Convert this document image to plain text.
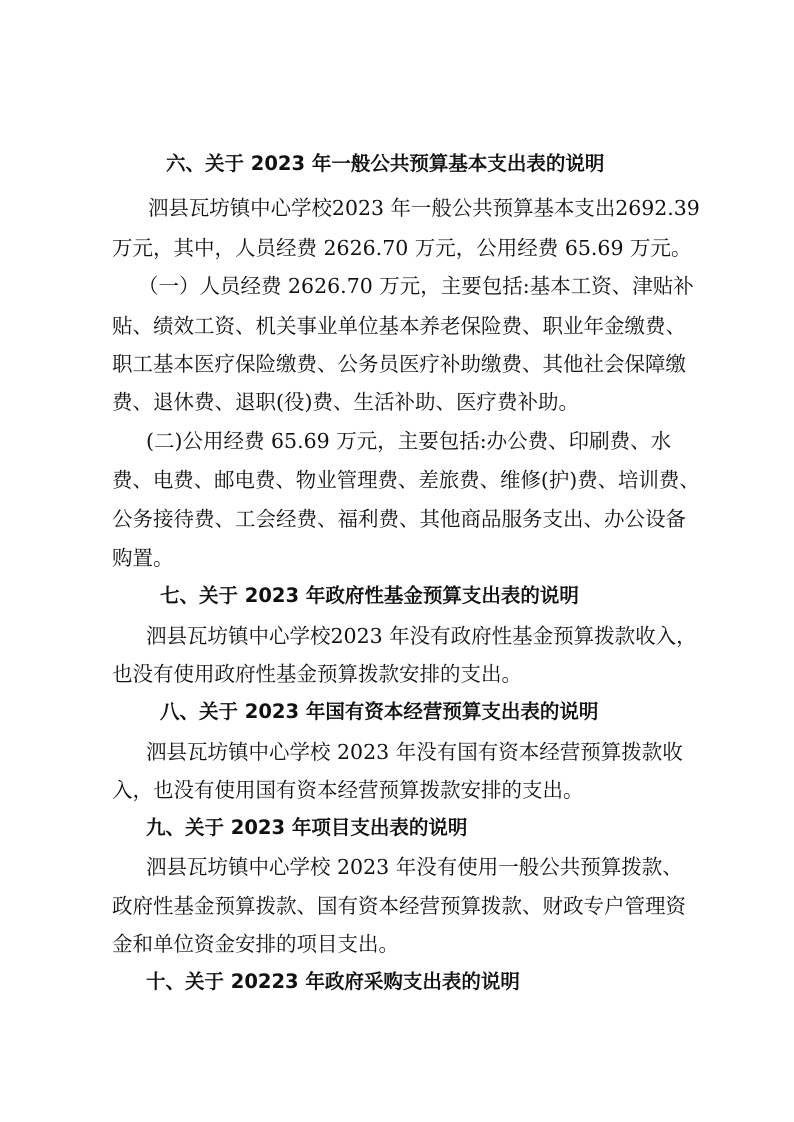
六、关于 2023 年一般公共预算基本支出表的说明
泗县瓦坊镇中心学校2023 年一般公共预算基本支出2692.39
万元，其中，人员经费 2626.70 万元，公用经费 65.69 万元。
（一）人员经费 2626.70 万元，主要包括:基本工资、津贴补
贴、绩效工资、机关事业单位基本养老保险费、职业年金缴费、
职工基本医疗保险缴费、公务员医疗补助缴费、其他社会保障缴
费、退休费、退职(役)费、生活补助、医疗费补助。
(二)公用经费 65.69 万元，主要包括:办公费、印刷费、水
费、电费、邮电费、物业管理费、差旅费、维修(护)费、培训费、
公务接待费、工会经费、福利费、其他商品服务支出、办公设备
购置。
七、关于 2023 年政府性基金预算支出表的说明
泗县瓦坊镇中心学校2023 年没有政府性基金预算拨款收入，
也没有使用政府性基金预算拨款安排的支出。
八、关于 2023 年国有资本经营预算支出表的说明
泗县瓦坊镇中心学校 2023 年没有国有资本经营预算拨款收
入，也没有使用国有资本经营预算拨款安排的支出。
九、关于 2023 年项目支出表的说明
泗县瓦坊镇中心学校 2023 年没有使用一般公共预算拨款、
政府性基金预算拨款、国有资本经营预算拨款、财政专户管理资
金和单位资金安排的项目支出。
十、关于 20223 年政府采购支出表的说明
